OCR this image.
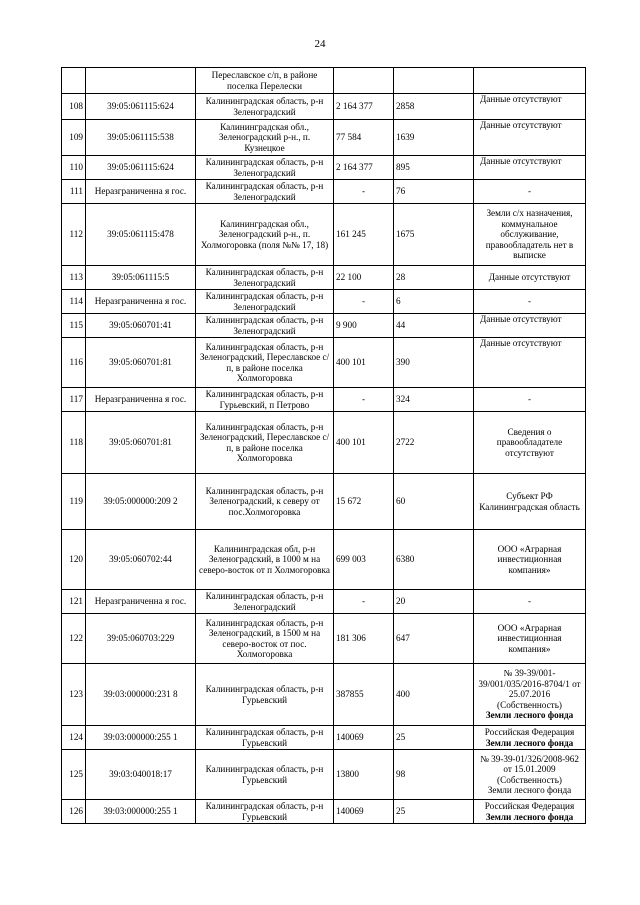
24
		Переславское с/п, в районе поселка Перелески			
108	39:05:061115:624	Калининградская область, р-н Зеленоградский	2 164 377	2858	Данные отсутствуют
109	39:05:061115:538	Калининградская обл., Зеленоградский р-н., п. Кузнецкое	77 584	1639	Данные отсутствуют
110	39:05:061115:624	Калининградская область, р-н Зеленоградский	2 164 377	895	Данные отсутствуют
111	Неразграниченна я гос.	Калининградская область, р-н Зеленоградский	-	76	-
112	39:05:061115:478	Калининградская обл., Зеленоградский р-н., п. Холмогоровка (поля №№ 17, 18)	161 245	1675	Земли с/х назначения, коммунальное обслуживание, правообладатель нет в выписке
113	39:05:061115:5	Калининградская область, р-н Зеленоградский	22 100	28	Данные отсутствуют
114	Неразграниченна я гос.	Калининградская область, р-н Зеленоградский	-	6	-
115	39:05:060701:41	Калининградская область, р-н Зеленоградский	9 900	44	Данные отсутствуют
116	39:05:060701:81	Калининградская область, р-н Зеленоградский, Переславское с/п, в районе поселка Холмогоровка	400 101	390	Данные отсутствуют
117	Неразграниченна я гос.	Калининградская область, р-н Гурьевский, п Петрово	-	324	-
118	39:05:060701:81	Калининградская область, р-н Зеленоградский, Переславское с/п, в районе поселка Холмогоровка	400 101	2722	Сведения о правообладателе отсутствуют
119	39:05:000000:209 2	Калининградская область, р-н Зеленоградский, к северу от пос.Холмогоровка	15 672	60	Субъект РФ Калининградская область
120	39:05:060702:44	Калининградская обл, р-н Зеленоградский, в 1000 м на северо-восток от п Холмогоровка	699 003	6380	ООО «Аграрная инвестиционная компания»
121	Неразграниченна я гос.	Калининградская область, р-н Зеленоградский	-	20	-
122	39:05:060703:229	Калининградская область, р-н Зеленоградский, в 1500 м на северо-восток от пос. Холмогоровка	181 306	647	ООО «Аграрная инвестиционная компания»
123	39:03:000000:231 8	Калининградская область, р-н Гурьевский	387855	400	№ 39-39/001-39/001/035/2016-8704/1 от 25.07.2016 (Собственность)
Земли лесного фонда

124	39:03:000000:255 1	Калининградская область, р-н Гурьевский	140069	25	Российская Федерация
Земли лесного фонда

125	39:03:040018:17	Калининградская область, р-н Гурьевский	13800	98	№ 39-39-01/326/2008-962 от 15.01.2009 (Собственность)
Земли лесного фонда

126	39:03:000000:255 1	Калининградская область, р-н Гурьевский	140069	25	Российская Федерация
Земли лесного фонда
